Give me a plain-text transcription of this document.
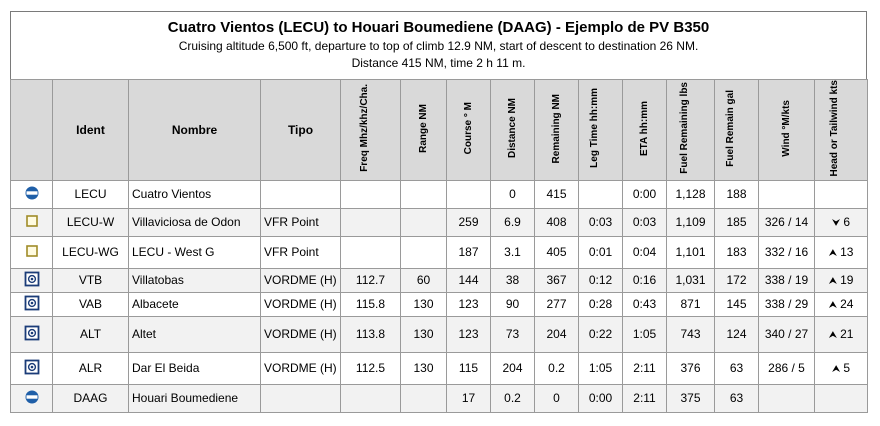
Cuatro Vientos (LECU) to Houari Boumediene (DAAG) - Ejemplo de PV B350
Cruising altitude 6,500 ft, departure to top of climb 12.9 NM, start of descent to destination 26 NM.
Distance 415 NM, time 2 h 11 m.
	Ident	Nombre	Tipo	Freq Mhz/khz/Cha.	Range NM	Course ° M	Distance NM	Remaining NM	Leg Time hh:mm	ETA hh:mm	Fuel Remaining lbs	Fuel Remain gal	Wind °M/kts	Head or Tailwind kts
	LECU	Cuatro Vientos					0	415		0:00	1,128	188		
	LECU-W	Villaviciosa de Odon	VFR Point			259	6.9	408	0:03	0:03	1,109	185	326 / 14	⮟ 6
	LECU-WG	LECU - West G	VFR Point			187	3.1	405	0:01	0:04	1,101	183	332 / 16	⮝ 13
	VTB	Villatobas	VORDME (H)	112.7	60	144	38	367	0:12	0:16	1,031	172	338 / 19	⮝ 19
	VAB	Albacete	VORDME (H)	115.8	130	123	90	277	0:28	0:43	871	145	338 / 29	⮝ 24
	ALT	Altet	VORDME (H)	113.8	130	123	73	204	0:22	1:05	743	124	340 / 27	⮝ 21
	ALR	Dar El Beida	VORDME (H)	112.5	130	115	204	0.2	1:05	2:11	376	63	286 / 5	⮝ 5
	DAAG	Houari Boumediene				17	0.2	0	0:00	2:11	375	63		
